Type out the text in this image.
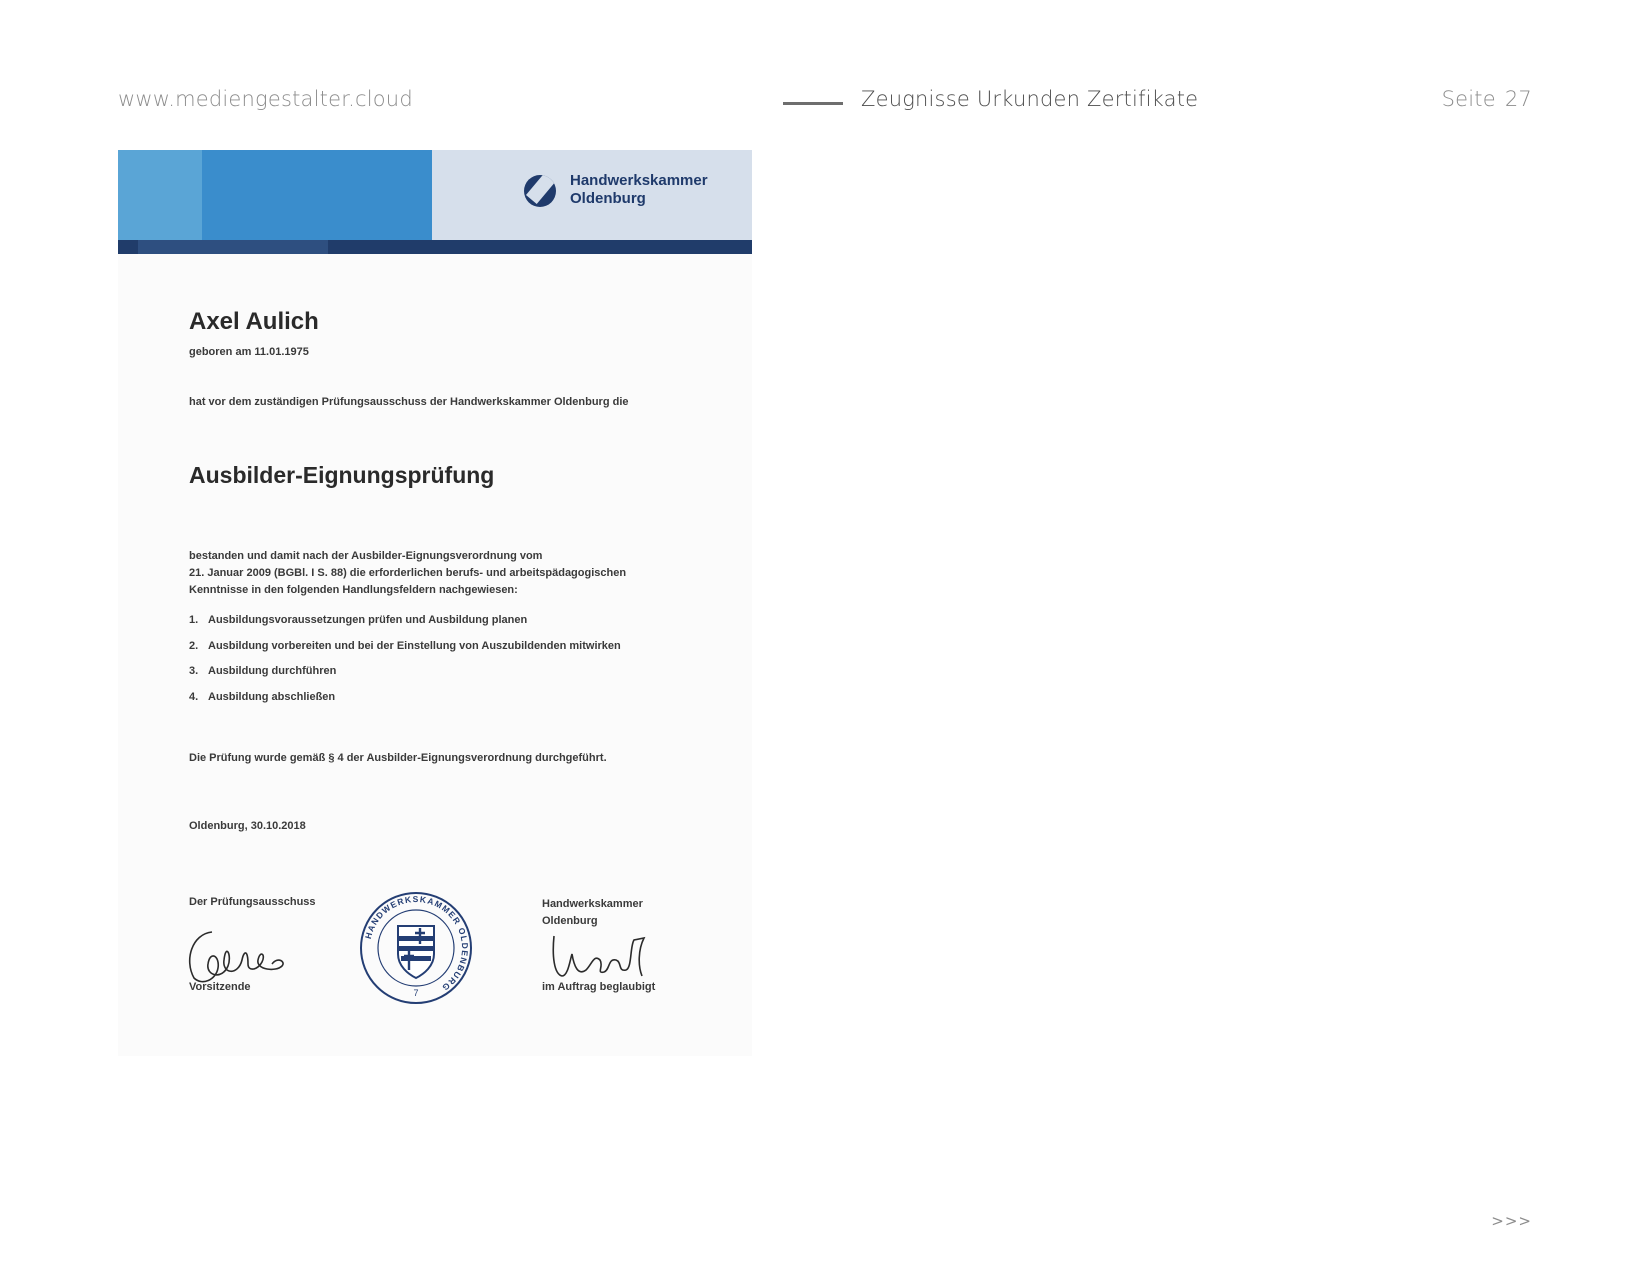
www.mediengestalter.cloud	Zeugnisse Urkunden Zertifikate	Seite 27
Handwerkskammer
Oldenburg
Axel Aulich
geboren am 11.01.1975
hat vor dem zuständigen Prüfungsausschuss der Handwerkskammer Oldenburg die
Ausbilder-Eignungsprüfung
bestanden und damit nach der Ausbilder-Eignungsverordnung vom
21. Januar 2009 (BGBl. I S. 88) die erforderlichen berufs- und arbeitspädagogischen
Kenntnisse in den folgenden Handlungsfeldern nachgewiesen:
1. Ausbildungsvoraussetzungen prüfen und Ausbildung planen
2. Ausbildung vorbereiten und bei der Einstellung von Auszubildenden mitwirken
3. Ausbildung durchführen
4. Ausbildung abschließen
Die Prüfung wurde gemäß § 4 der Ausbilder-Eignungsverordnung durchgeführt.
Oldenburg, 30.10.2018
Der Prüfungsausschuss
Vorsitzende
HANDWERKSKAMMER OLDENBURG
7
Handwerkskammer
Oldenburg
im Auftrag beglaubigt
>>>
